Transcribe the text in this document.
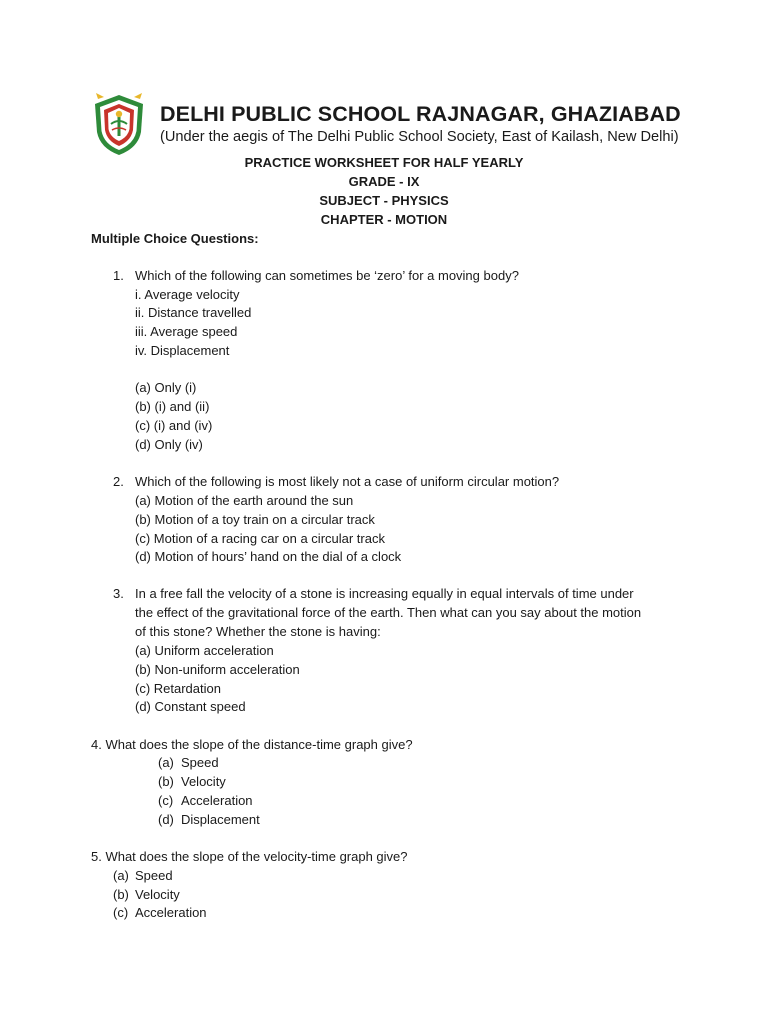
DELHI PUBLIC SCHOOL RAJNAGAR, GHAZIABAD
(Under the aegis of The Delhi Public School Society, East of Kailash, New Delhi)
PRACTICE WORKSHEET FOR HALF YEARLY
GRADE - IX
SUBJECT - PHYSICS
CHAPTER - MOTION
Multiple Choice Questions:
1. Which of the following can sometimes be ‘zero’ for a moving body?
i. Average velocity
ii. Distance travelled
iii. Average speed
iv. Displacement
(a) Only (i)
(b) (i) and (ii)
(c) (i) and (iv)
(d) Only (iv)
2. Which of the following is most likely not a case of uniform circular motion?
(a) Motion of the earth around the sun
(b) Motion of a toy train on a circular track
(c) Motion of a racing car on a circular track
(d) Motion of hours’ hand on the dial of a clock
3. In a free fall the velocity of a stone is increasing equally in equal intervals of time under
the effect of the gravitational force of the earth. Then what can you say about the motion
of this stone? Whether the stone is having:
(a) Uniform acceleration
(b) Non-uniform acceleration
(c) Retardation
(d) Constant speed
4. What does the slope of the distance-time graph give?
(a) Speed
(b) Velocity
(c) Acceleration
(d) Displacement
5. What does the slope of the velocity-time graph give?
(a) Speed
(b) Velocity
(c) Acceleration
